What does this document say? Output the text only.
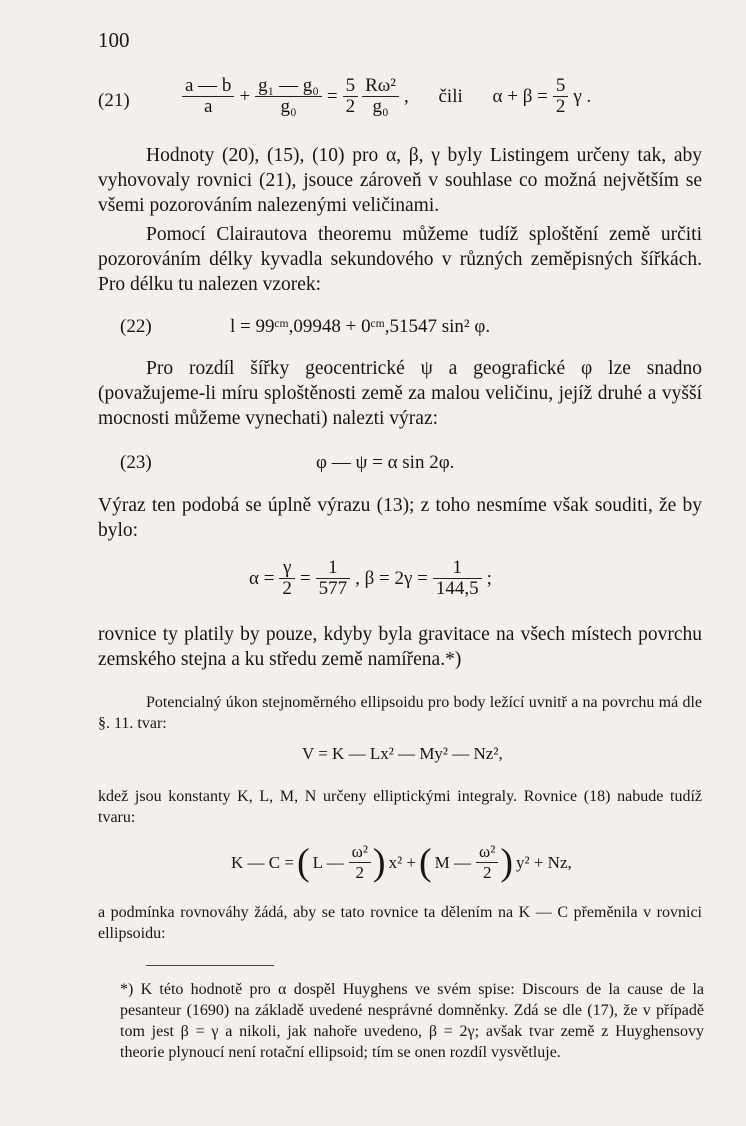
100
(21)	$\frac{a — b}{a} + \frac{\text{g₁ — g₀}}{\text{g₀}} = \frac{5}{2} \frac{\text{Rω²}}{\text{g₀}}$ , čili $\alpha + \beta = \frac{5}{2}$ γ .

Hodnoty (20), (15), (10) pro α, β, γ byly Listingem určeny tak, aby vyhovovaly rovnici (21), jsouce zároveň v souhlase co možná největším se všemi pozorováním nalezenými veličinami.

Pomocí Clairautova theoremu můžeme tudíž sploštění země určiti pozorováním délky kyvadla sekundového v různých zeměpisných šířkách. Pro délku tu nalezen vzorek:

(22)	l = 99ᶜᵐ,09948 + 0ᶜᵐ,51547 sin² φ.

Pro rozdíl šířky geocentrické ψ a geografické φ lze snadno (považujeme-li míru sploštěnosti země za malou veličinu, jejíž druhé a vyšší mocnosti můžeme vynechati) nalezti výraz:

(23)	φ — ψ = α sin 2φ.

Výraz ten podobá se úplně výrazu (13); z toho nesmíme však souditi, že by bylo:

$\alpha = \frac{\gamma}{2} = \frac{1}{577}$ , $\beta = 2\gamma = \frac{1}{144,5}$ ;

rovnice ty platily by pouze, kdyby byla gravitace na všech místech povrchu zemského stejna a ku středu země namířena.*)

Potencialný úkon stejnoměrného ellipsoidu pro body ležící uvnitř a na povrchu má dle §. 11. tvar:

V = K — Lx² — My² — Nz²,

kdež jsou konstanty K, L, M, N určeny elliptickými integraly. Rovnice (18) nabude tudíž tvaru:

K — C =( L — $\frac{\text{ω²}}{2}$ ) x² +( M — $\frac{\text{ω²}}{2}$ ) y² + Nz,

a podmínka rovnováhy žádá, aby se tato rovnice ta dělením na K — C přeměnila v rovnici ellipsoidu:

*) K této hodnotě pro α dospěl Huyghens ve svém spise: Discours de la cause de la pesanteur (1690) na základě uvedené nesprávné domněnky. Zdá se dle (17), že v případě tom jest β = γ a nikoli, jak nahoře uvedeno, β = 2γ; avšak tvar země z Huyghensovy theorie plynoucí není rotační ellipsoid; tím se onen rozdíl vysvětluje.
